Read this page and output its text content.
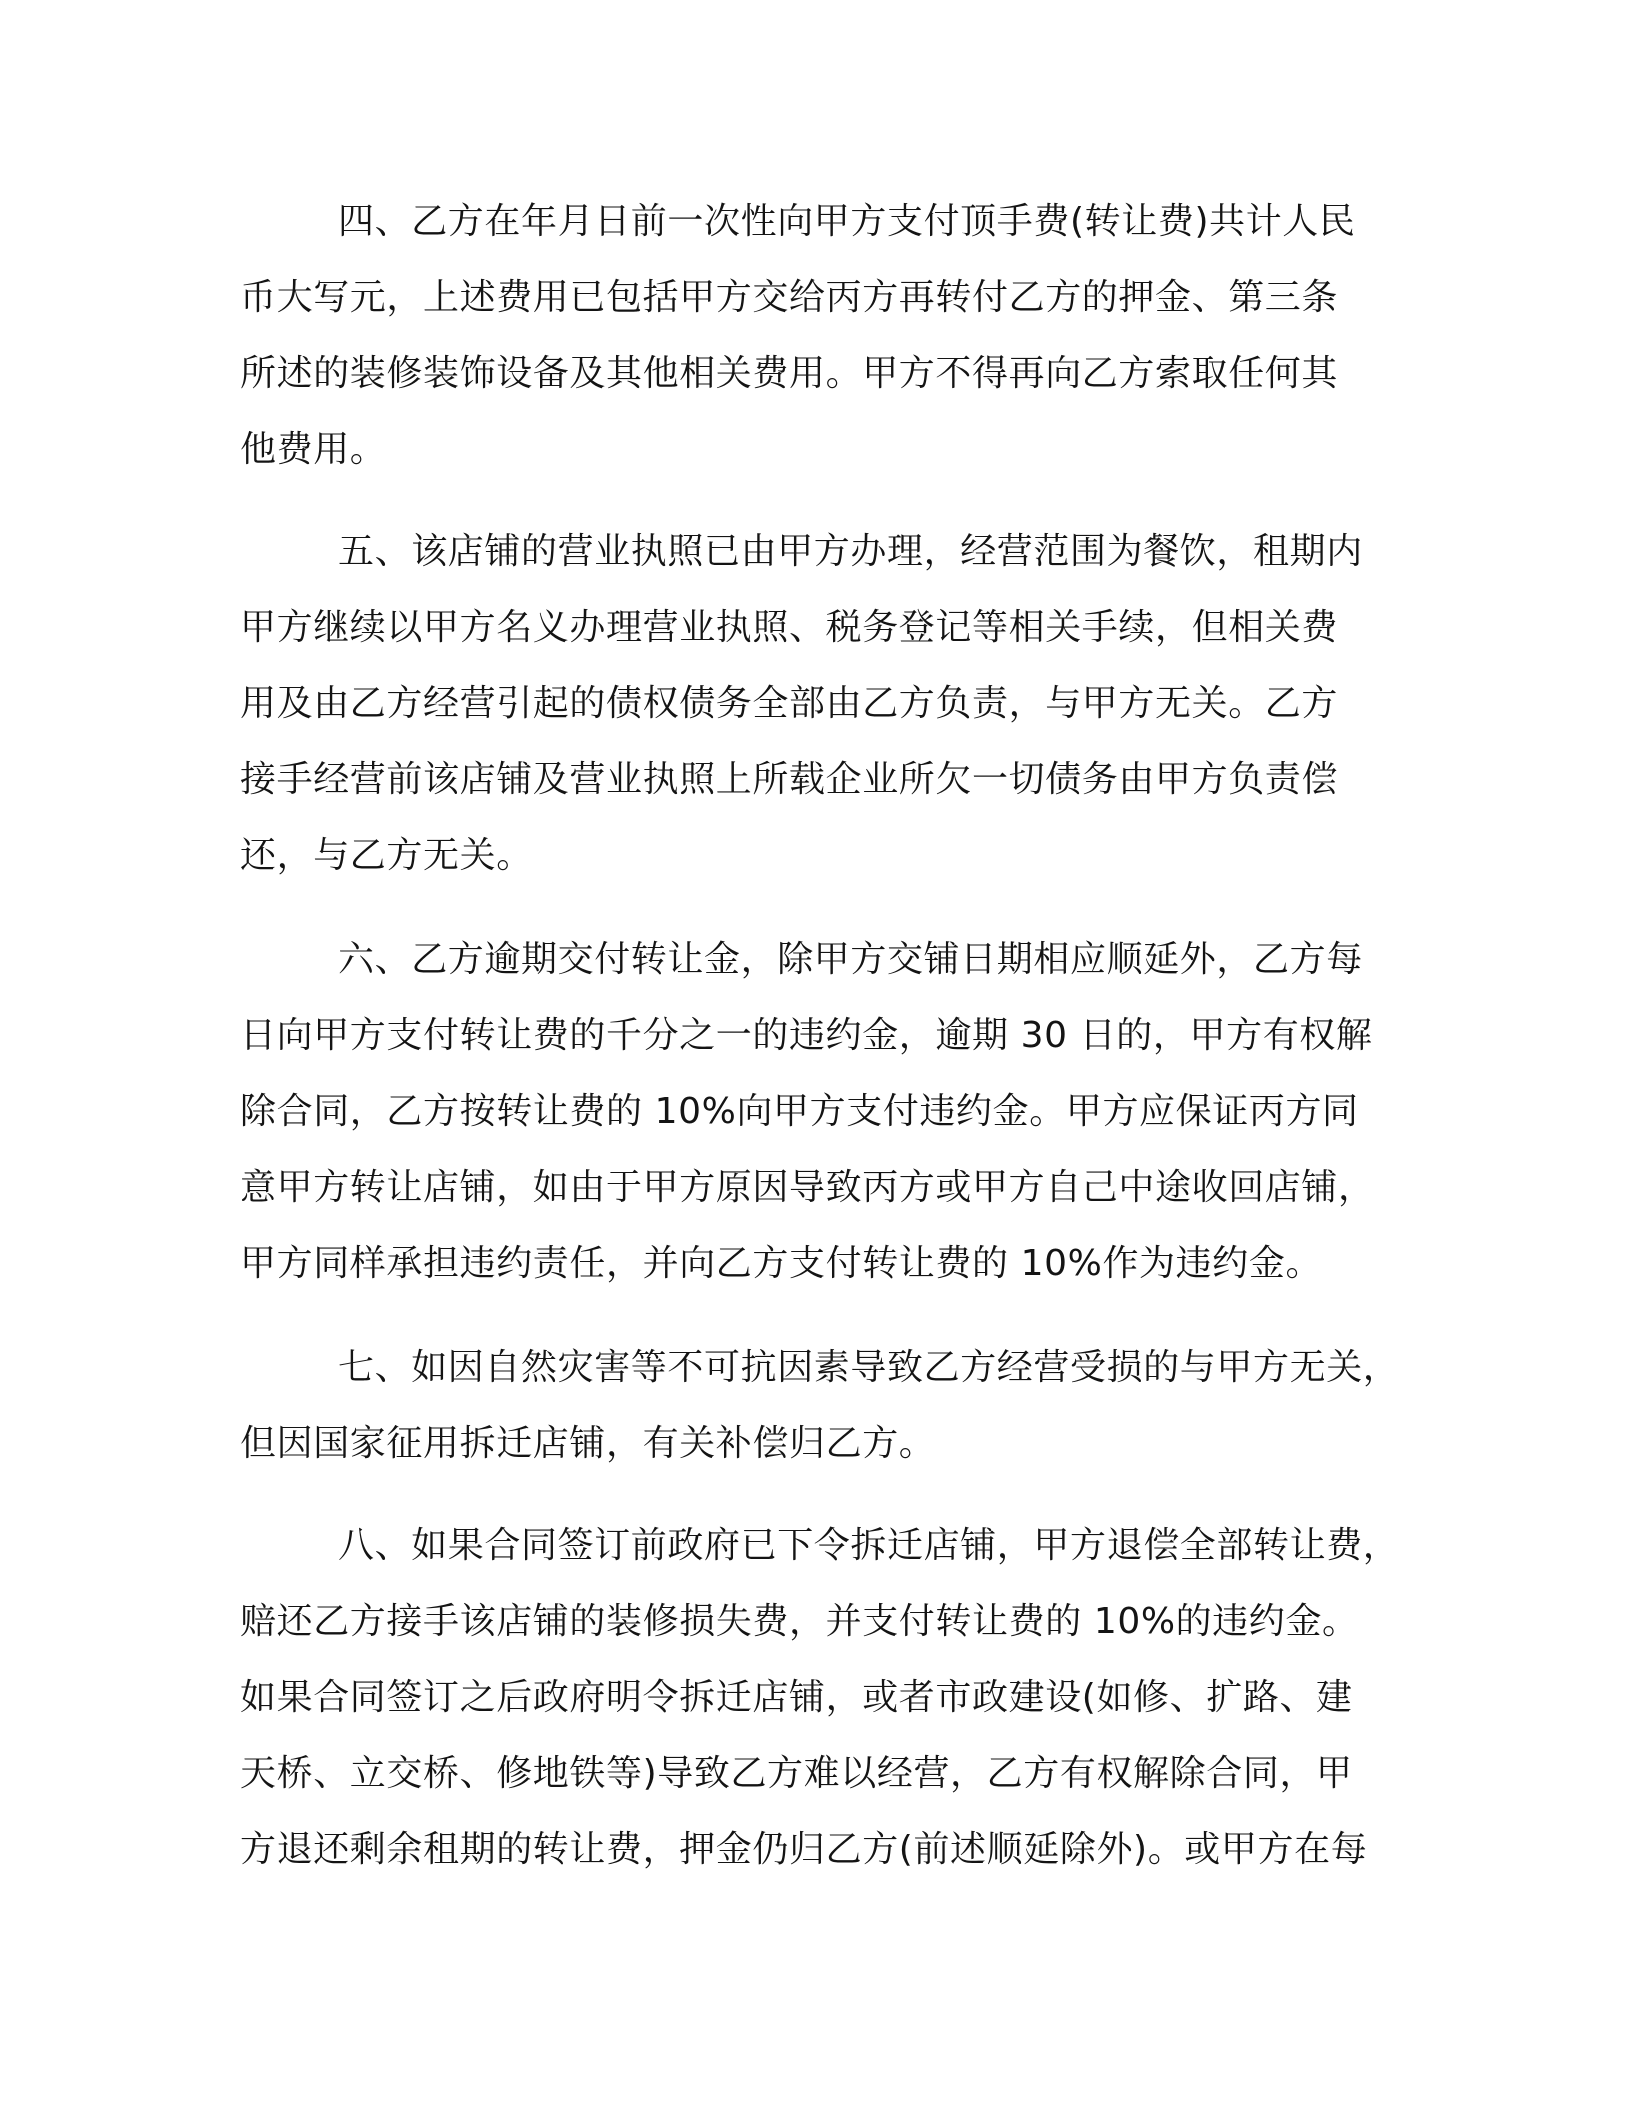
四、乙方在年月日前一次性向甲方支付顶手费(转让费)共计人民

币大写元，上述费用已包括甲方交给丙方再转付乙方的押金、第三条

所述的装修装饰设备及其他相关费用。甲方不得再向乙方索取任何其

他费用。

五、该店铺的营业执照已由甲方办理，经营范围为餐饮，租期内

甲方继续以甲方名义办理营业执照、税务登记等相关手续，但相关费

用及由乙方经营引起的债权债务全部由乙方负责，与甲方无关。乙方

接手经营前该店铺及营业执照上所载企业所欠一切债务由甲方负责偿

还，与乙方无关。

六、乙方逾期交付转让金，除甲方交铺日期相应顺延外，乙方每

日向甲方支付转让费的千分之一的违约金，逾期 30 日的，甲方有权解

除合同，乙方按转让费的 10%向甲方支付违约金。甲方应保证丙方同

意甲方转让店铺，如由于甲方原因导致丙方或甲方自己中途收回店铺，

甲方同样承担违约责任，并向乙方支付转让费的 10%作为违约金。

七、如因自然灾害等不可抗因素导致乙方经营受损的与甲方无关，

但因国家征用拆迁店铺，有关补偿归乙方。

八、如果合同签订前政府已下令拆迁店铺，甲方退偿全部转让费，

赔还乙方接手该店铺的装修损失费，并支付转让费的 10%的违约金。

如果合同签订之后政府明令拆迁店铺，或者市政建设(如修、扩路、建

天桥、立交桥、修地铁等)导致乙方难以经营，乙方有权解除合同，甲

方退还剩余租期的转让费，押金仍归乙方(前述顺延除外)。或甲方在每
